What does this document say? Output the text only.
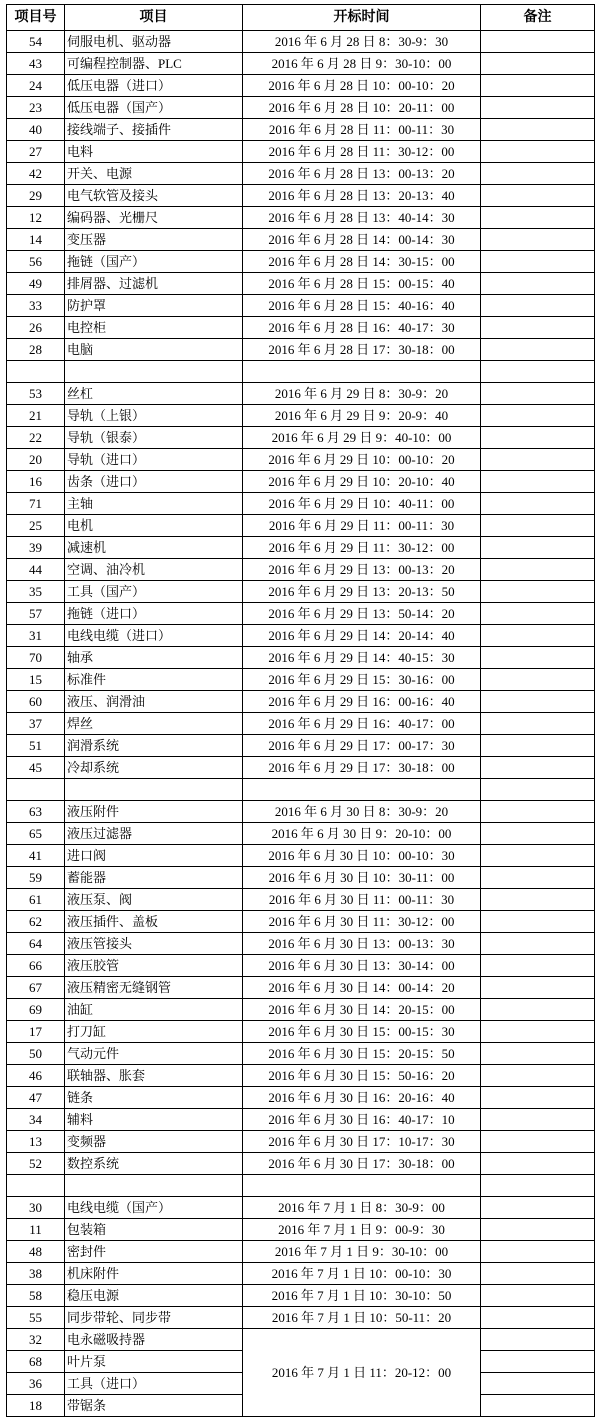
项目号	项目	开标时间	备注
54	伺服电机、驱动器	2016 年 6 月 28 日 8：30-9：30	
43	可编程控制器、PLC	2016 年 6 月 28 日 9：30-10：00	
24	低压电器（进口）	2016 年 6 月 28 日 10：00-10：20	
23	低压电器（国产）	2016 年 6 月 28 日 10：20-11：00	
40	接线端子、接插件	2016 年 6 月 28 日 11：00-11：30	
27	电料	2016 年 6 月 28 日 11：30-12：00	
42	开关、电源	2016 年 6 月 28 日 13：00-13：20	
29	电气软管及接头	2016 年 6 月 28 日 13：20-13：40	
12	编码器、光栅尺	2016 年 6 月 28 日 13：40-14：30	
14	变压器	2016 年 6 月 28 日 14：00-14：30	
56	拖链（国产）	2016 年 6 月 28 日 14：30-15：00	
49	排屑器、过滤机	2016 年 6 月 28 日 15：00-15：40	
33	防护罩	2016 年 6 月 28 日 15：40-16：40	
26	电控柜	2016 年 6 月 28 日 16：40-17：30	
28	电脑	2016 年 6 月 28 日 17：30-18：00	

53	丝杠	2016 年 6 月 29 日 8：30-9：20	
21	导轨（上银）	2016 年 6 月 29 日 9：20-9：40	
22	导轨（银泰）	2016 年 6 月 29 日 9：40-10：00	
20	导轨（进口）	2016 年 6 月 29 日 10：00-10：20	
16	齿条（进口）	2016 年 6 月 29 日 10：20-10：40	
71	主轴	2016 年 6 月 29 日 10：40-11：00	
25	电机	2016 年 6 月 29 日 11：00-11：30	
39	减速机	2016 年 6 月 29 日 11：30-12：00	
44	空调、油冷机	2016 年 6 月 29 日 13：00-13：20	
35	工具（国产）	2016 年 6 月 29 日 13：20-13：50	
57	拖链（进口）	2016 年 6 月 29 日 13：50-14：20	
31	电线电缆（进口）	2016 年 6 月 29 日 14：20-14：40	
70	轴承	2016 年 6 月 29 日 14：40-15：30	
15	标准件	2016 年 6 月 29 日 15：30-16：00	
60	液压、润滑油	2016 年 6 月 29 日 16：00-16：40	
37	焊丝	2016 年 6 月 29 日 16：40-17：00	
51	润滑系统	2016 年 6 月 29 日 17：00-17：30	
45	冷却系统	2016 年 6 月 29 日 17：30-18：00	

63	液压附件	2016 年 6 月 30 日 8：30-9：20	
65	液压过滤器	2016 年 6 月 30 日 9：20-10：00	
41	进口阀	2016 年 6 月 30 日 10：00-10：30	
59	蓄能器	2016 年 6 月 30 日 10：30-11：00	
61	液压泵、阀	2016 年 6 月 30 日 11：00-11：30	
62	液压插件、盖板	2016 年 6 月 30 日 11：30-12：00	
64	液压管接头	2016 年 6 月 30 日 13：00-13：30	
66	液压胶管	2016 年 6 月 30 日 13：30-14：00	
67	液压精密无缝钢管	2016 年 6 月 30 日 14：00-14：20	
69	油缸	2016 年 6 月 30 日 14：20-15：00	
17	打刀缸	2016 年 6 月 30 日 15：00-15：30	
50	气动元件	2016 年 6 月 30 日 15：20-15：50	
46	联轴器、胀套	2016 年 6 月 30 日 15：50-16：20	
47	链条	2016 年 6 月 30 日 16：20-16：40	
34	辅料	2016 年 6 月 30 日 16：40-17：10	
13	变频器	2016 年 6 月 30 日 17：10-17：30	
52	数控系统	2016 年 6 月 30 日 17：30-18：00	

30	电线电缆（国产）	2016 年 7 月 1 日 8：30-9：00	
11	包装箱	2016 年 7 月 1 日 9：00-9：30	
48	密封件	2016 年 7 月 1 日 9：30-10：00	
38	机床附件	2016 年 7 月 1 日 10：00-10：30	
58	稳压电源	2016 年 7 月 1 日 10：30-10：50	
55	同步带轮、同步带	2016 年 7 月 1 日 10：50-11：20	
32	电永磁吸持器	2016 年 7 月 1 日 11：20-12：00	
68	叶片泵		
36	工具（进口）		
18	带锯条		
